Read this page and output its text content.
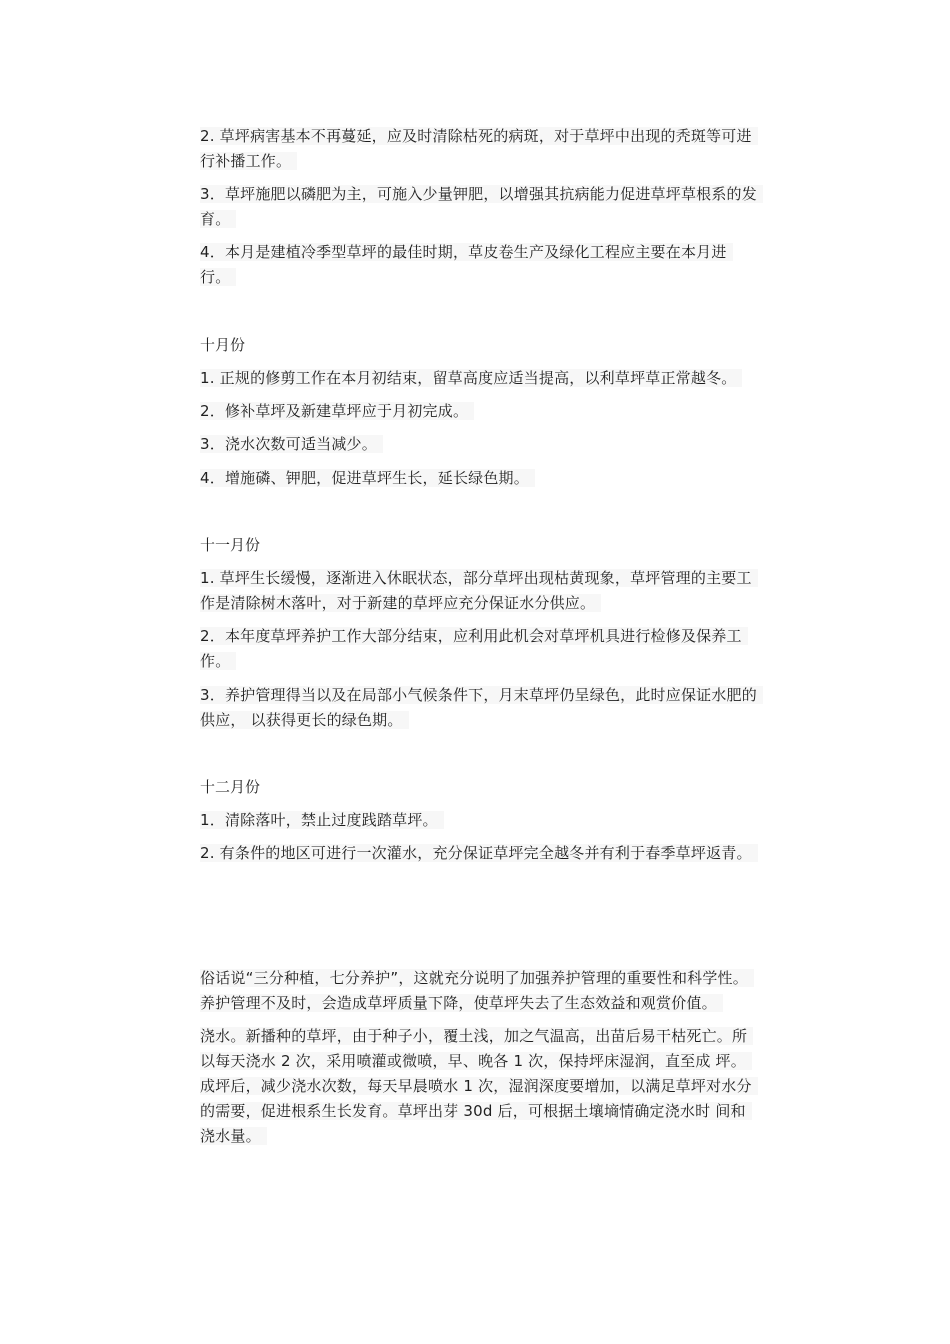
2. 草坪病害基本不再蔓延，应及时清除枯死的病斑，对于草坪中出现的秃斑等可进行补播工作。
3．草坪施肥以磷肥为主，可施入少量钾肥，以增强其抗病能力促进草坪草根系的发育。
4．本月是建植冷季型草坪的最佳时期，草皮卷生产及绿化工程应主要在本月进行。
十月份
1. 正规的修剪工作在本月初结束，留草高度应适当提高，以利草坪草正常越冬。
2．修补草坪及新建草坪应于月初完成。
3．浇水次数可适当减少。
4．增施磷、钾肥，促进草坪生长，延长绿色期。
十一月份
1. 草坪生长缓慢，逐渐进入休眠状态，部分草坪出现枯黄现象，草坪管理的主要工作是清除树木落叶，对于新建的草坪应充分保证水分供应。
2．本年度草坪养护工作大部分结束，应利用此机会对草坪机具进行检修及保养工作。
3．养护管理得当以及在局部小气候条件下，月末草坪仍呈绿色，此时应保证水肥的供应， 以获得更长的绿色期。
十二月份
1．清除落叶，禁止过度践踏草坪。
2. 有条件的地区可进行一次灌水，充分保证草坪完全越冬并有利于春季草坪返青。
俗话说“三分种植，七分养护”，这就充分说明了加强养护管理的重要性和科学性。养护管理不及时，会造成草坪质量下降，使草坪失去了生态效益和观赏价值。
浇水。新播种的草坪，由于种子小，覆土浅，加之气温高，出苗后易干枯死亡。所以每天浇水 2 次，采用喷灌或微喷，早、晚各 1 次，保持坪床湿润，直至成 坪。成坪后，减少浇水次数，每天早晨喷水 1 次，湿润深度要增加，以满足草坪对水分的需要，促进根系生长发育。草坪出芽 30d 后，可根据土壤墒情确定浇水时 间和浇水量。
